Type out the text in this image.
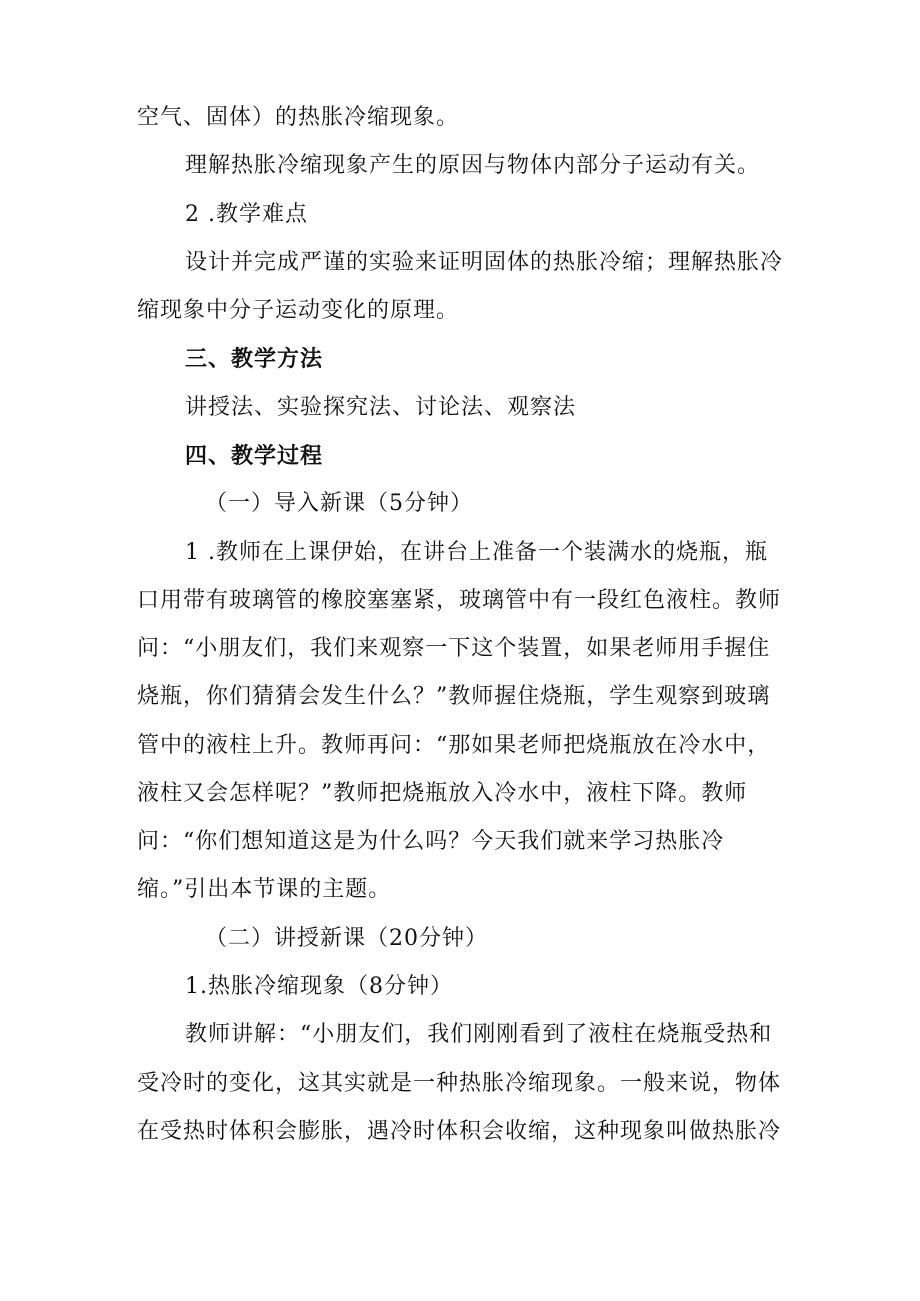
空气、固体）的热胀冷缩现象。
理解热胀冷缩现象产生的原因与物体内部分子运动有关。
2 .教学难点
设计并完成严谨的实验来证明固体的热胀冷缩；理解热胀冷
缩现象中分子运动变化的原理。
三、教学方法
讲授法、实验探究法、讨论法、观察法
四、教学过程
（一）导入新课（5分钟）
1 .教师在上课伊始，在讲台上准备一个装满水的烧瓶，瓶
口用带有玻璃管的橡胶塞塞紧，玻璃管中有一段红色液柱。教师
问：“小朋友们，我们来观察一下这个装置，如果老师用手握住
烧瓶，你们猜猜会发生什么？”教师握住烧瓶，学生观察到玻璃
管中的液柱上升。教师再问：“那如果老师把烧瓶放在冷水中，
液柱又会怎样呢？”教师把烧瓶放入冷水中，液柱下降。教师
问：“你们想知道这是为什么吗？今天我们就来学习热胀冷
缩。”引出本节课的主题。
（二）讲授新课（20分钟）
1.热胀冷缩现象（8分钟）
教师讲解：“小朋友们，我们刚刚看到了液柱在烧瓶受热和
受冷时的变化，这其实就是一种热胀冷缩现象。一般来说，物体
在受热时体积会膨胀，遇冷时体积会收缩，这种现象叫做热胀冷
